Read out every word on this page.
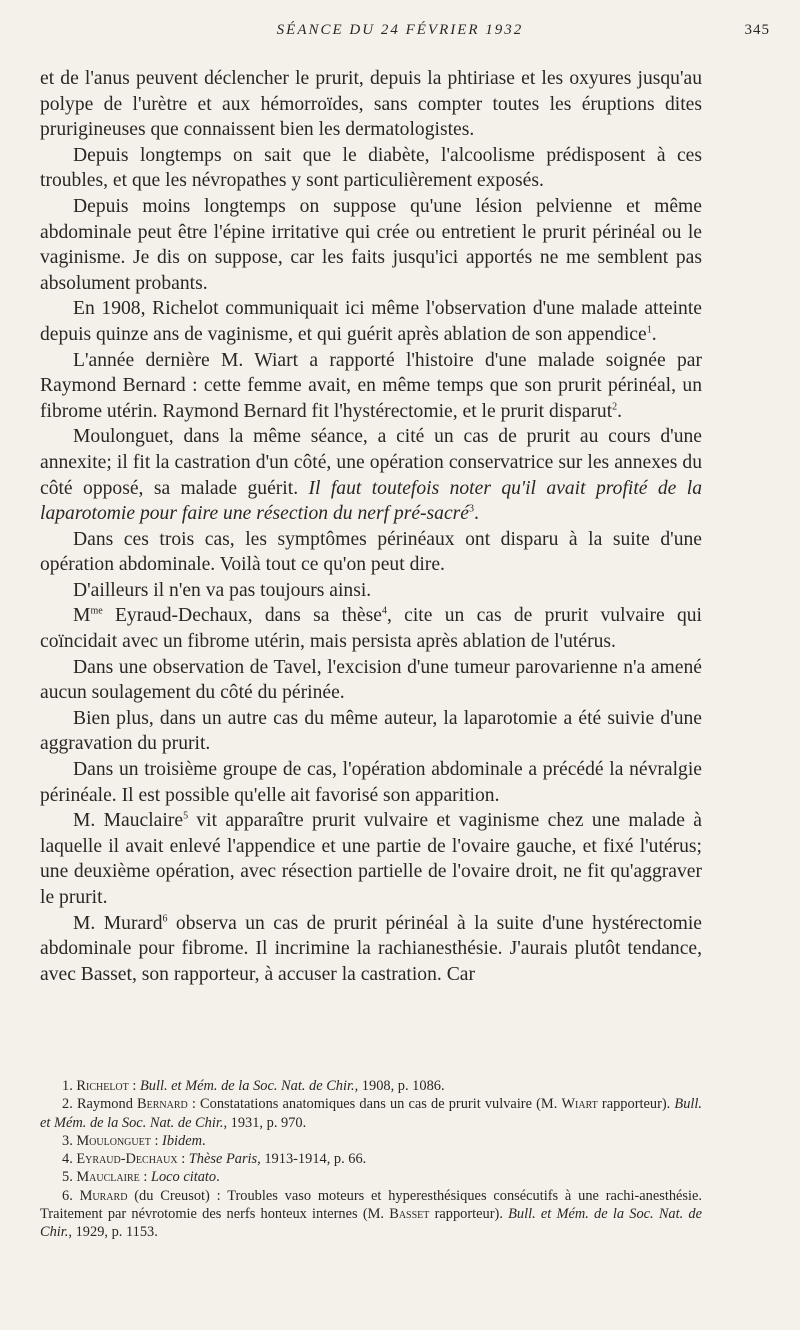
SÉANCE DU 24 FÉVRIER 1932	345

et de l'anus peuvent déclencher le prurit, depuis la phtiriase et les oxyures jusqu'au polype de l'urètre et aux hémorroïdes, sans compter toutes les éruptions dites prurigineuses que connaissent bien les dermatologistes.

Depuis longtemps on sait que le diabète, l'alcoolisme prédisposent à ces troubles, et que les névropathes y sont particulièrement exposés.

Depuis moins longtemps on suppose qu'une lésion pelvienne et même abdominale peut être l'épine irritative qui crée ou entretient le prurit périnéal ou le vaginisme. Je dis on suppose, car les faits jusqu'ici apportés ne me semblent pas absolument probants.

En 1908, Richelot communiquait ici même l'observation d'une malade atteinte depuis quinze ans de vaginisme, et qui guérit après ablation de son appendice$^1$.

L'année dernière M. Wiart a rapporté l'histoire d'une malade soignée par Raymond Bernard : cette femme avait, en même temps que son prurit périnéal, un fibrome utérin. Raymond Bernard fit l'hystérectomie, et le prurit disparut$^2$.

Moulonguet, dans la même séance, a cité un cas de prurit au cours d'une annexite; il fit la castration d'un côté, une opération conservatrice sur les annexes du côté opposé, sa malade guérit. Il faut toutefois noter qu'il avait profité de la laparotomie pour faire une résection du nerf pré-sacré$^3$.

Dans ces trois cas, les symptômes périnéaux ont disparu à la suite d'une opération abdominale. Voilà tout ce qu'on peut dire.

D'ailleurs il n'en va pas toujours ainsi.

$M^{me}$ Eyraud-Dechaux, dans sa thèse$^4$, cite un cas de prurit vulvaire qui coïncidait avec un fibrome utérin, mais persista après ablation de l'utérus.

Dans une observation de Tavel, l'excision d'une tumeur parovarienne n'a amené aucun soulagement du côté du périnée.

Bien plus, dans un autre cas du même auteur, la laparotomie a été suivie d'une aggravation du prurit.

Dans un troisième groupe de cas, l'opération abdominale a précédé la névralgie périnéale. Il est possible qu'elle ait favorisé son apparition.

M. Mauclaire$^5$ vit apparaître prurit vulvaire et vaginisme chez une malade à laquelle il avait enlevé l'appendice et une partie de l'ovaire gauche, et fixé l'utérus; une deuxième opération, avec résection partielle de l'ovaire droit, ne fit qu'aggraver le prurit.

M. Murard$^6$ observa un cas de prurit périnéal à la suite d'une hystérectomie abdominale pour fibrome. Il incrimine la rachianesthésie. J'aurais plutôt tendance, avec Basset, son rapporteur, à accuser la castration. Car

1. Richelot : Bull. et Mém. de la Soc. Nat. de Chir., 1908, p. 1086.

2. Raymond Bernard : Constatations anatomiques dans un cas de prurit vulvaire (M. Wiart rapporteur). Bull. et Mém. de la Soc. Nat. de Chir., 1931, p. 970.

3. Moulonguet : Ibidem.

4. Eyraud-Dechaux : Thèse Paris, 1913-1914, p. 66.

5. Mauclaire : Loco citato.

6. Murard (du Creusot) : Troubles vaso moteurs et hyperesthésiques consécutifs à une rachi-anesthésie. Traitement par névrotomie des nerfs honteux internes (M. Basset rapporteur). Bull. et Mém. de la Soc. Nat. de Chir., 1929, p. 1153.
